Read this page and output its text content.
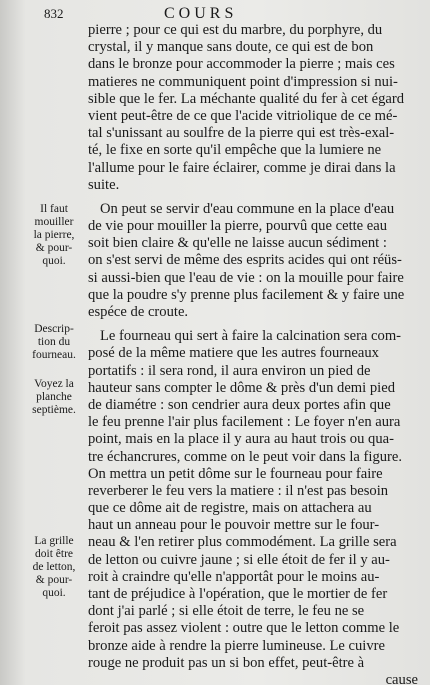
832	COURS
Il faut
mouiller
la pierre,
& pour-
quoi.
Descrip-
tion du
fourneau.
Voyez la
planche
septième.
La grille
doit être
de letton,
& pour-
quoi.
pierre ; pour ce qui est du marbre, du porphyre, du
crystal, il y manque sans doute, ce qui est de bon
dans le bronze pour accommoder la pierre ; mais ces
matieres ne communiquent point d'impression si nui-
sible que le fer. La méchante qualité du fer à cet égard
vient peut-être de ce que l'acide vitriolique de ce mé-
tal s'unissant au soulfre de la pierre qui est très-exal-
té, le fixe en sorte qu'il empêche que la lumiere ne
l'allume pour le faire éclairer, comme je dirai dans la
suite.
On peut se servir d'eau commune en la place d'eau
de vie pour mouiller la pierre, pourvû que cette eau
soit bien claire & qu'elle ne laisse aucun sédiment :
on s'est servi de même des esprits acides qui ont réüs-
si aussi-bien que l'eau de vie : on la mouille pour faire
que la poudre s'y prenne plus facilement & y faire une
espéce de croute.
Le fourneau qui sert à faire la calcination sera com-
posé de la même matiere que les autres fourneaux
portatifs : il sera rond, il aura environ un pied de
hauteur sans compter le dôme & près d'un demi pied
de diamétre : son cendrier aura deux portes afin que
le feu prenne l'air plus facilement : Le foyer n'en aura
point, mais en la place il y aura au haut trois ou qua-
tre échancrures, comme on le peut voir dans la figure.
On mettra un petit dôme sur le fourneau pour faire
reverberer le feu vers la matiere : il n'est pas besoin
que ce dôme ait de registre, mais on attachera au
haut un anneau pour le pouvoir mettre sur le four-
neau & l'en retirer plus commodément. La grille sera
de letton ou cuivre jaune ; si elle étoit de fer il y au-
roit à craindre qu'elle n'apportât pour le moins au-
tant de préjudice à l'opération, que le mortier de fer
dont j'ai parlé ; si elle étoit de terre, le feu ne se
feroit pas assez violent : outre que le letton comme le
bronze aide à rendre la pierre lumineuse. Le cuivre
rouge ne produit pas un si bon effet, peut-être à
cause
